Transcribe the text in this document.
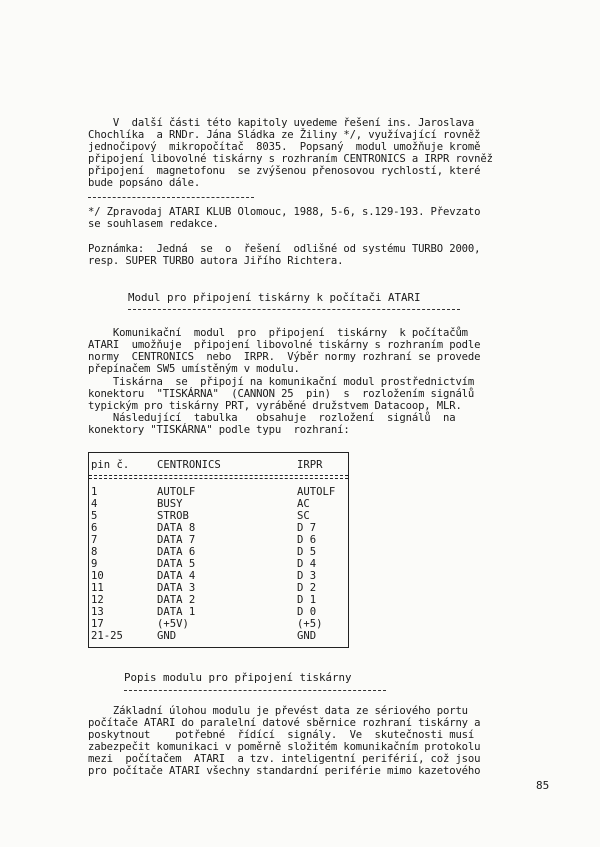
V  další části této kapitoly uvedeme řešení ins. Jaroslava

Chochlíka  a RNDr. Jána Sládka ze Žiliny */, využívající rovněž

jednočipový  mikropočítač  8035.  Popsaný  modul umožňuje kromě

připojení libovolné tiskárny s rozhraním CENTRONICS a IRPR rovněž

připojení  magnetofonu  se zvýšenou přenosovou rychlostí, které

bude popsáno dále.

*/ Zpravodaj ATARI KLUB Olomouc, 1988, 5-6, s.129-193. Převzato

se souhlasem redakce.

Poznámka:  Jedná  se  o  řešení  odlišné od systému TURBO 2000,

resp. SUPER TURBO autora Jiřího Richtera.

Modul pro připojení tiskárny k počítači ATARI

Komunikační  modul  pro  připojení  tiskárny  k počítačům

ATARI  umožňuje  připojení libovolné tiskárny s rozhraním podle

normy  CENTRONICS  nebo  IRPR.  Výběr normy rozhraní se provede

přepínačem SW5 umístěným v modulu.

Tiskárna  se  připojí na komunikační modul prostřednictvím

konektoru  "TISKÁRNA"  (CANNON 25  pin)  s  rozložením signálů

typickým pro tiskárny PRT, vyráběné družstvem Datacoop, MLR.

Následující  tabulka   obsahuje  rozložení  signálů  na

konektory "TISKÁRNA" podle typu  rozhraní:

pin č.	CENTRONICS	IRPR
1	AUTOLF	AUTOLF
4	BUSY	AC
5	STROB	SC
6	DATA 8	D 7
7	DATA 7	D 6
8	DATA 6	D 5
9	DATA 5	D 4
10	DATA 4	D 3
11	DATA 3	D 2
12	DATA 2	D 1
13	DATA 1	D 0
17	(+5V)	(+5)
21-25	GND	GND

Popis modulu pro připojení tiskárny

Základní úlohou modulu je převést data ze sériového portu

počítače ATARI do paralelní datové sběrnice rozhraní tiskárny a

poskytnout    potřebné  řídící  signály.  Ve  skutečnosti musí

zabezpečit komunikaci v poměrně složitém komunikačním protokolu

mezi  počítačem  ATARI  a tzv. inteligentní periférií, což jsou

pro počítače ATARI všechny standardní periférie mimo kazetového

85
